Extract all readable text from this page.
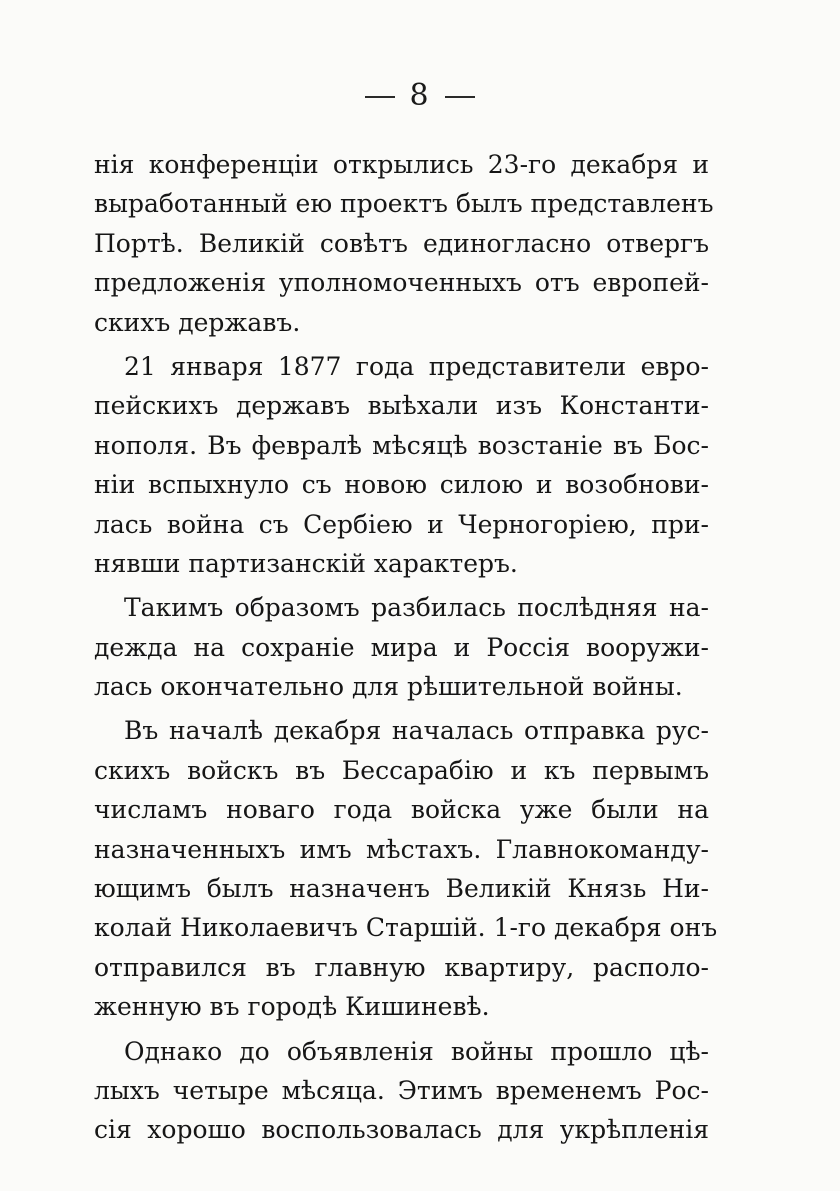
8
нія конференціи открылись 23-го декабря и
выработанный ею проектъ былъ представленъ
Портѣ. Великій совѣтъ единогласно отвергъ
предложенія уполномоченныхъ отъ европей-
скихъ державъ.
21 января 1877 года представители евро-
пейскихъ державъ выѣхали изъ Константи-
нополя. Въ февралѣ мѣсяцѣ возстаніе въ Бос-
ніи вспыхнуло съ новою силою и возобнови-
лась война съ Сербіею и Черногоріею, при-
нявши партизанскій характеръ.
Такимъ образомъ разбилась послѣдняя на-
дежда на сохраніе мира и Россія вооружи-
лась окончательно для рѣшительной войны.
Въ началѣ декабря началась отправка рус-
скихъ войскъ въ Бессарабію и къ первымъ
числамъ новаго года войска уже были на
назначенныхъ имъ мѣстахъ. Главнокоманду-
ющимъ былъ назначенъ Великій Князь Ни-
колай Николаевичъ Старшій. 1-го декабря онъ
отправился въ главную квартиру, располо-
женную въ городѣ Кишиневѣ.
Однако до объявленія войны прошло цѣ-
лыхъ четыре мѣсяца. Этимъ временемъ Рос-
сія хорошо воспользовалась для укрѣпленія
